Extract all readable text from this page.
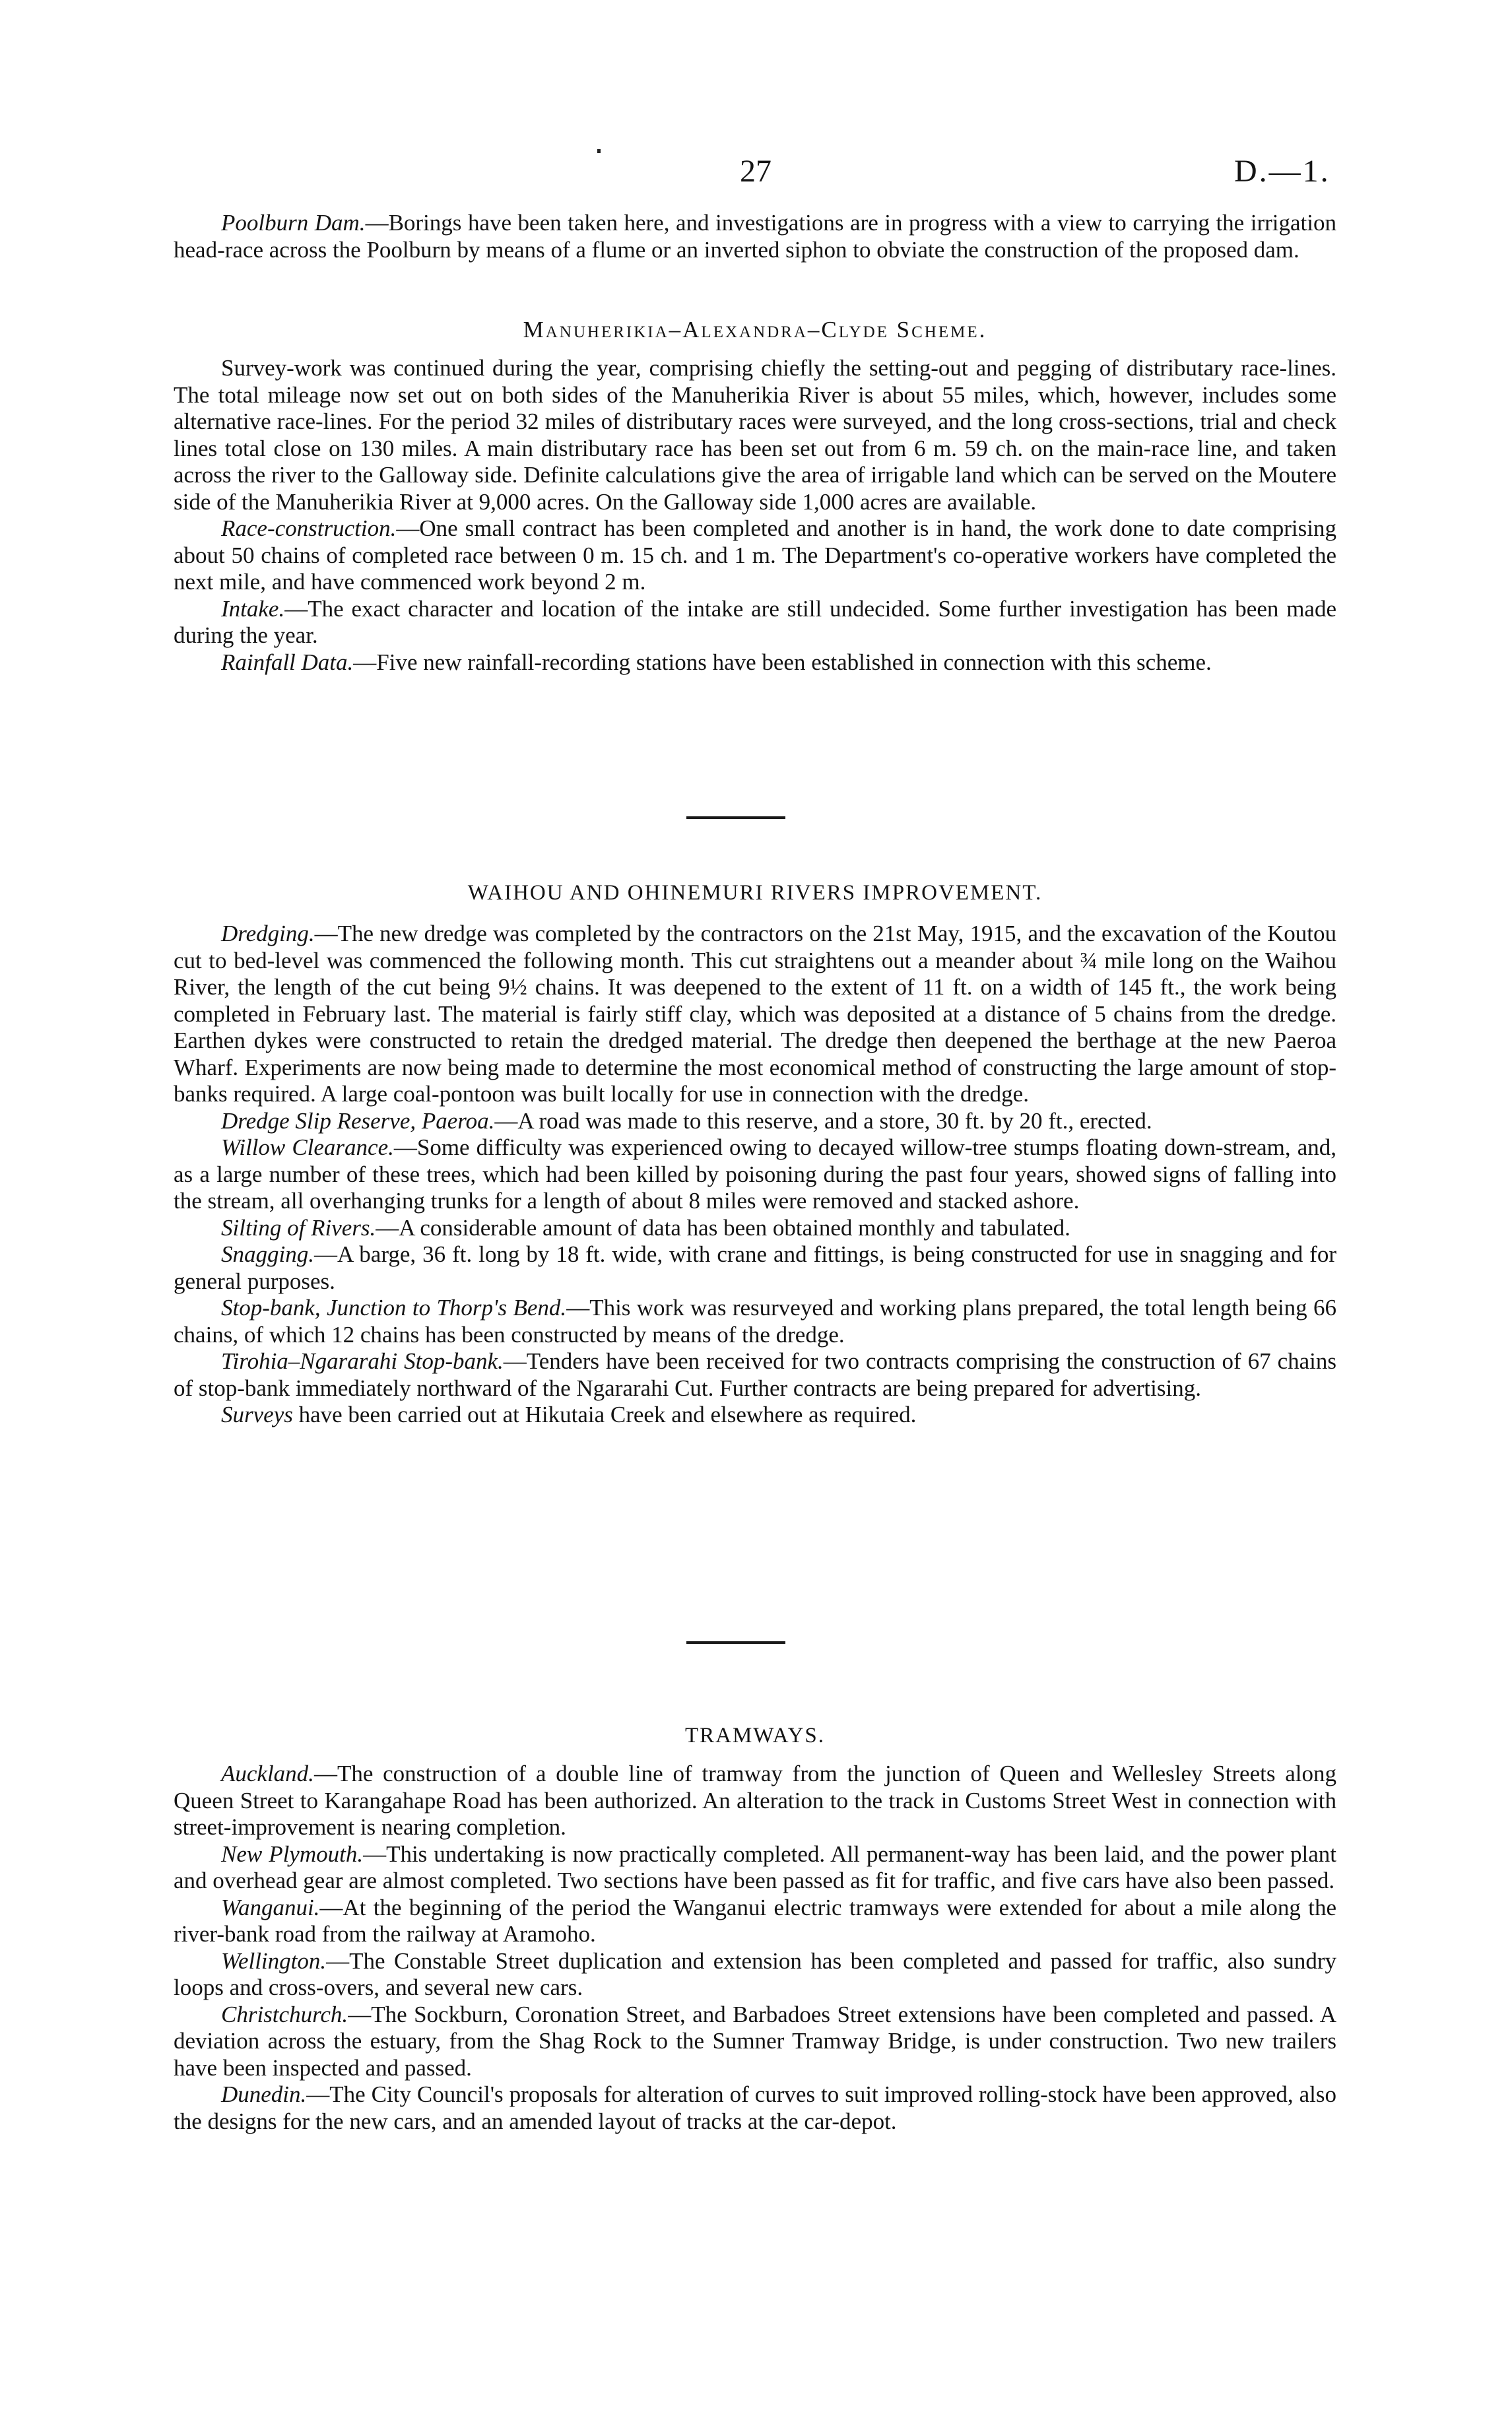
27	D.—1.

Poolburn Dam.—Borings have been taken here, and investigations are in progress with a view to carrying the irrigation head-race across the Poolburn by means of a flume or an inverted siphon to obviate the construction of the proposed dam.

Manuherikia–Alexandra–Clyde Scheme.

Survey-work was continued during the year, comprising chiefly the setting-out and pegging of distributary race-lines. The total mileage now set out on both sides of the Manuherikia River is about 55 miles, which, however, includes some alternative race-lines. For the period 32 miles of distributary races were surveyed, and the long cross-sections, trial and check lines total close on 130 miles. A main distributary race has been set out from 6 m. 59 ch. on the main-race line, and taken across the river to the Galloway side. Definite calculations give the area of irrigable land which can be served on the Moutere side of the Manuherikia River at 9,000 acres. On the Galloway side 1,000 acres are available.

Race-construction.—One small contract has been completed and another is in hand, the work done to date comprising about 50 chains of completed race between 0 m. 15 ch. and 1 m. The Department's co-operative workers have completed the next mile, and have commenced work beyond 2 m.

Intake.—The exact character and location of the intake are still undecided. Some further investigation has been made during the year.

Rainfall Data.—Five new rainfall-recording stations have been established in connection with this scheme.

WAIHOU AND OHINEMURI RIVERS IMPROVEMENT.

Dredging.—The new dredge was completed by the contractors on the 21st May, 1915, and the excavation of the Koutou cut to bed-level was commenced the following month. This cut straightens out a meander about ¾ mile long on the Waihou River, the length of the cut being 9½ chains. It was deepened to the extent of 11 ft. on a width of 145 ft., the work being completed in February last. The material is fairly stiff clay, which was deposited at a distance of 5 chains from the dredge. Earthen dykes were constructed to retain the dredged material. The dredge then deepened the berthage at the new Paeroa Wharf. Experiments are now being made to determine the most economical method of constructing the large amount of stop-banks required. A large coal-pontoon was built locally for use in connection with the dredge.

Dredge Slip Reserve, Paeroa.—A road was made to this reserve, and a store, 30 ft. by 20 ft., erected.

Willow Clearance.—Some difficulty was experienced owing to decayed willow-tree stumps floating down-stream, and, as a large number of these trees, which had been killed by poisoning during the past four years, showed signs of falling into the stream, all overhanging trunks for a length of about 8 miles were removed and stacked ashore.

Silting of Rivers.—A considerable amount of data has been obtained monthly and tabulated.

Snagging.—A barge, 36 ft. long by 18 ft. wide, with crane and fittings, is being constructed for use in snagging and for general purposes.

Stop-bank, Junction to Thorp's Bend.—This work was resurveyed and working plans prepared, the total length being 66 chains, of which 12 chains has been constructed by means of the dredge.

Tirohia–Ngararahi Stop-bank.—Tenders have been received for two contracts comprising the construction of 67 chains of stop-bank immediately northward of the Ngararahi Cut. Further contracts are being prepared for advertising.

Surveys have been carried out at Hikutaia Creek and elsewhere as required.

TRAMWAYS.

Auckland.—The construction of a double line of tramway from the junction of Queen and Wellesley Streets along Queen Street to Karangahape Road has been authorized. An alteration to the track in Customs Street West in connection with street-improvement is nearing completion.

New Plymouth.—This undertaking is now practically completed. All permanent-way has been laid, and the power plant and overhead gear are almost completed. Two sections have been passed as fit for traffic, and five cars have also been passed.

Wanganui.—At the beginning of the period the Wanganui electric tramways were extended for about a mile along the river-bank road from the railway at Aramoho.

Wellington.—The Constable Street duplication and extension has been completed and passed for traffic, also sundry loops and cross-overs, and several new cars.

Christchurch.—The Sockburn, Coronation Street, and Barbadoes Street extensions have been completed and passed. A deviation across the estuary, from the Shag Rock to the Sumner Tramway Bridge, is under construction. Two new trailers have been inspected and passed.

Dunedin.—The City Council's proposals for alteration of curves to suit improved rolling-stock have been approved, also the designs for the new cars, and an amended layout of tracks at the car-depot.
